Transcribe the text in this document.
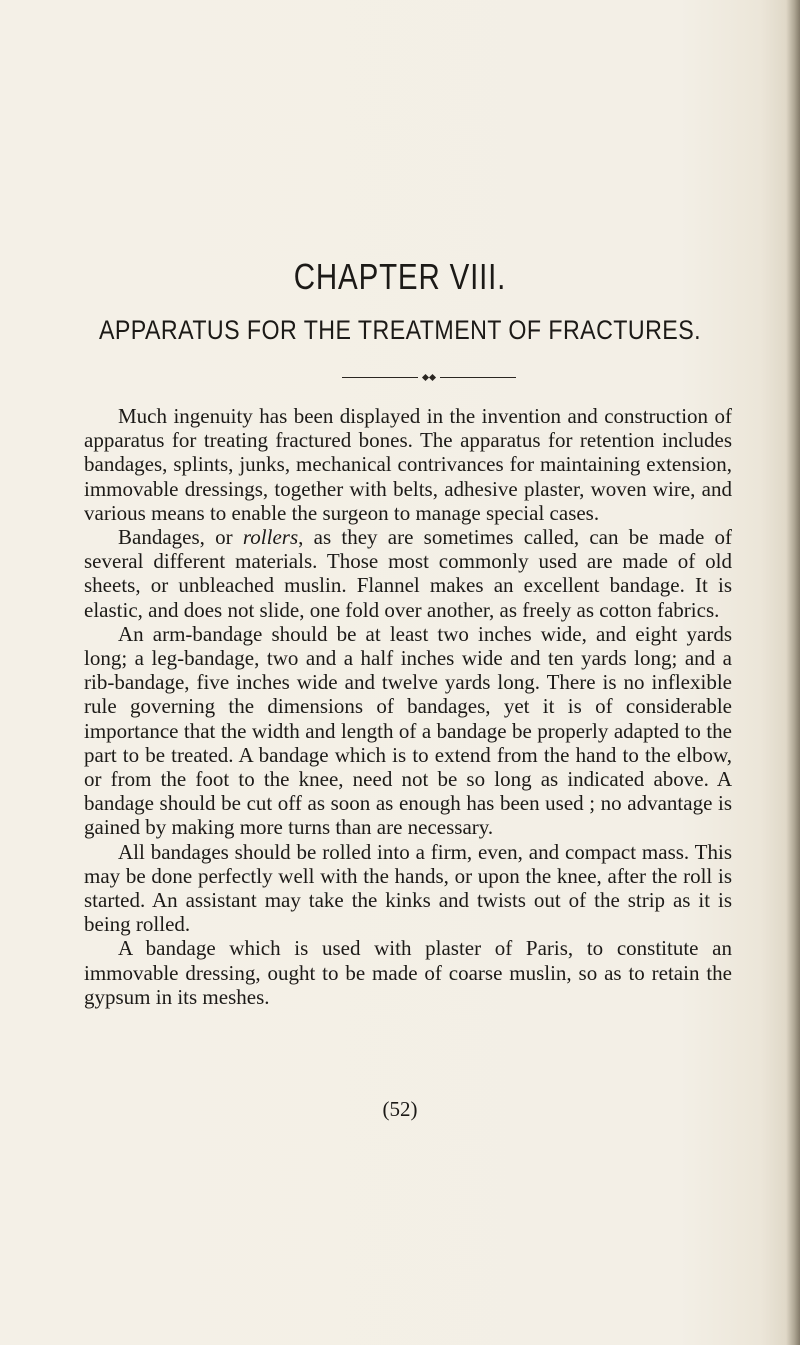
CHAPTER VIII.
APPARATUS FOR THE TREATMENT OF FRACTURES.

Much ingenuity has been displayed in the invention and construction of apparatus for treating fractured bones. The apparatus for retention includes bandages, splints, junks, mechanical contrivances for maintaining extension, immovable dressings, together with belts, adhesive plaster, woven wire, and various means to enable the surgeon to manage special cases.

Bandages, or rollers, as they are sometimes called, can be made of several different materials. Those most commonly used are made of old sheets, or unbleached muslin. Flannel makes an excellent bandage. It is elastic, and does not slide, one fold over another, as freely as cotton fabrics.

An arm-bandage should be at least two inches wide, and eight yards long; a leg-bandage, two and a half inches wide and ten yards long; and a rib-bandage, five inches wide and twelve yards long. There is no inflexible rule governing the dimensions of bandages, yet it is of considerable importance that the width and length of a bandage be properly adapted to the part to be treated. A bandage which is to extend from the hand to the elbow, or from the foot to the knee, need not be so long as indicated above. A bandage should be cut off as soon as enough has been used ; no advantage is gained by making more turns than are necessary.

All bandages should be rolled into a firm, even, and compact mass. This may be done perfectly well with the hands, or upon the knee, after the roll is started. An assistant may take the kinks and twists out of the strip as it is being rolled.

A bandage which is used with plaster of Paris, to constitute an immovable dressing, ought to be made of coarse muslin, so as to retain the gypsum in its meshes.

(52)
